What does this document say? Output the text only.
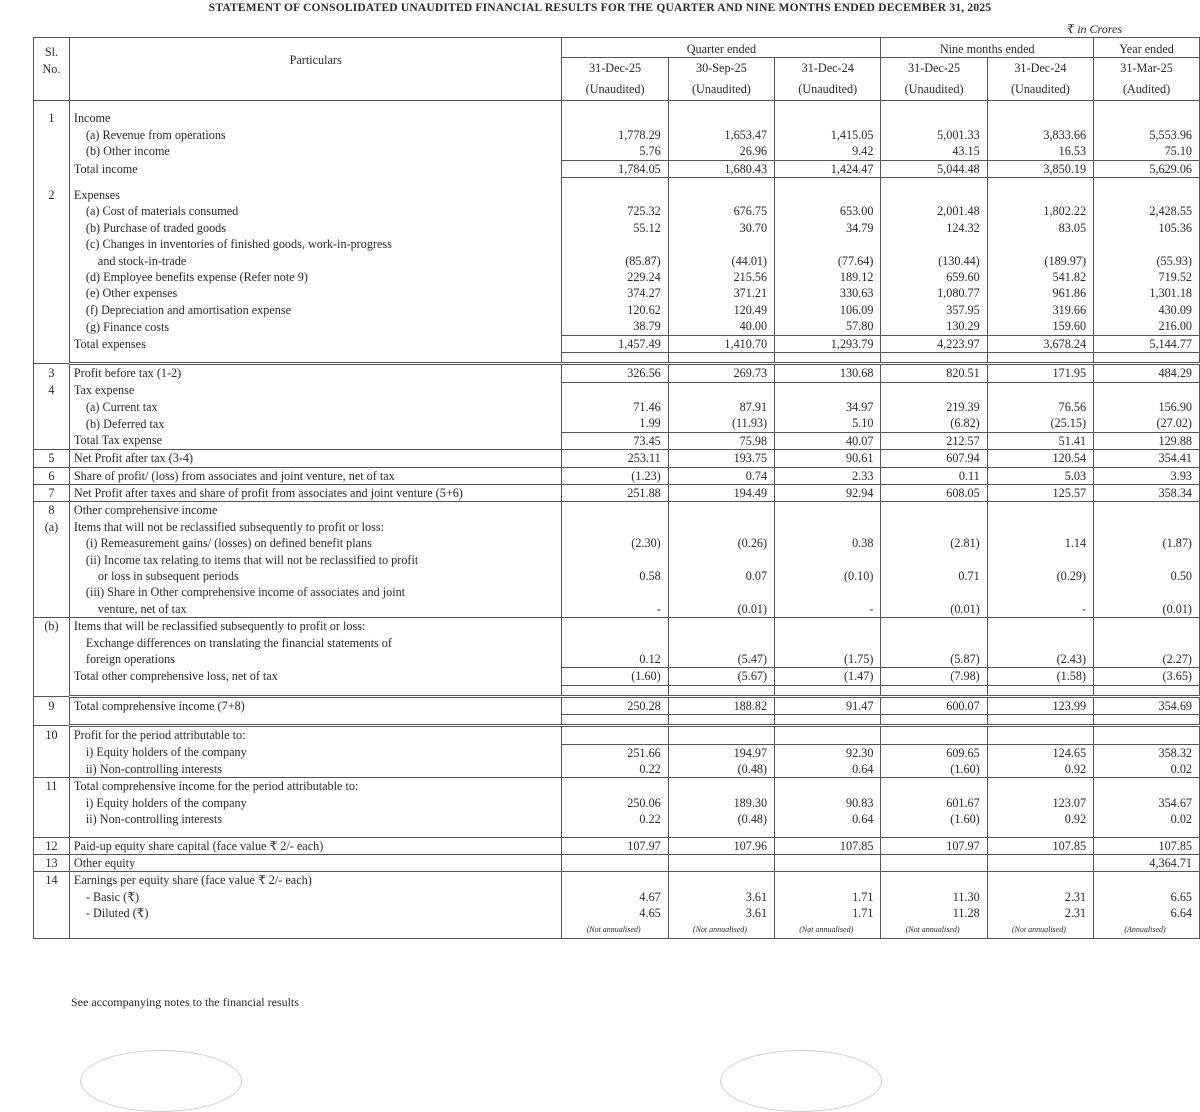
STATEMENT OF CONSOLIDATED UNAUDITED FINANCIAL RESULTS FOR THE QUARTER AND NINE MONTHS ENDED DECEMBER 31, 2025
₹ in Crores
Sl.
No.	Particulars	Quarter ended			Nine months ended		Year ended
		31-Dec-25	30-Sep-25	31-Dec-24	31-Dec-25	31-Dec-24	31-Mar-25
		(Unaudited)	(Unaudited)	(Unaudited)	(Unaudited)	(Unaudited)	(Audited)

1	Income						
	(a) Revenue from operations	1,778.29	1,653.47	1,415.05	5,001.33	3,833.66	5,553.96
	(b) Other income	5.76	26.96	9.42	43.15	16.53	75.10
	Total income	1,784.05	1,680.43	1,424.47	5,044.48	3,850.19	5,629.06

2	Expenses						
	(a) Cost of materials consumed	725.32	676.75	653.00	2,001.48	1,802.22	2,428.55
	(b) Purchase of traded goods	55.12	30.70	34.79	124.32	83.05	105.36
	(c) Changes in inventories of finished goods, work-in-progress						
	and stock-in-trade	(85.87)	(44.01)	(77.64)	(130.44)	(189.97)	(55.93)
	(d) Employee benefits expense (Refer note 9)	229.24	215.56	189.12	659.60	541.82	719.52
	(e) Other expenses	374.27	371.21	330.63	1,080.77	961.86	1,301.18
	(f) Depreciation and amortisation expense	120.62	120.49	106.09	357.95	319.66	430.09
	(g) Finance costs	38.79	40.00	57.80	130.29	159.60	216.00
	Total expenses	1,457.49	1,410.70	1,293.79	4,223.97	3,678.24	5,144.77

3	Profit before tax (1-2)	326.56	269.73	130.68	820.51	171.95	484.29
4	Tax expense						
	(a) Current tax	71.46	87.91	34.97	219.39	76.56	156.90
	(b) Deferred tax	1.99	(11.93)	5.10	(6.82)	(25.15)	(27.02)
	Total Tax expense	73.45	75.98	40.07	212.57	51.41	129.88
5	Net Profit after tax (3-4)	253.11	193.75	90.61	607.94	120.54	354.41
6	Share of profit/ (loss) from associates and joint venture, net of tax	(1.23)	0.74	2.33	0.11	5.03	3.93
7	Net Profit after taxes and share of profit from associates and joint venture (5+6)	251.88	194.49	92.94	608.05	125.57	358.34
8	Other comprehensive income						
(a)	Items that will not be reclassified subsequently to profit or loss:						
	(i) Remeasurement gains/ (losses) on defined benefit plans	(2.30)	(0.26)	0.38	(2.81)	1.14	(1.87)
	(ii) Income tax relating to items that will not be reclassified to profit						
	or loss in subsequent periods	0.58	0.07	(0.10)	0.71	(0.29)	0.50
	(iii) Share in Other comprehensive income of associates and joint						
	venture, net of tax	-	(0.01)	-	(0.01)	-	(0.01)
(b)	Items that will be reclassified subsequently to profit or loss:						
	Exchange differences on translating the financial statements of						
	foreign operations	0.12	(5.47)	(1.75)	(5.87)	(2.43)	(2.27)
	Total other comprehensive loss, net of tax	(1.60)	(5.67)	(1.47)	(7.98)	(1.58)	(3.65)

9	Total comprehensive income (7+8)	250.28	188.82	91.47	600.07	123.99	354.69

10	Profit for the period attributable to:						
	i) Equity holders of the company	251.66	194.97	92.30	609.65	124.65	358.32
	ii) Non-controlling interests	0.22	(0.48)	0.64	(1.60)	0.92	0.02
11	Total comprehensive income for the period attributable to:						
	i) Equity holders of the company	250.06	189.30	90.83	601.67	123.07	354.67
	ii) Non-controlling interests	0.22	(0.48)	0.64	(1.60)	0.92	0.02

12	Paid-up equity share capital (face value ₹ 2/- each)	107.97	107.96	107.85	107.97	107.85	107.85
13	Other equity						4,364.71
14	Earnings per equity share (face value ₹ 2/- each)						
	- Basic (₹)	4.67	3.61	1.71	11.30	2.31	6.65
	- Diluted (₹)	4.65	3.61	1.71	11.28	2.31	6.64
		(Not annualised)	(Not annualised)	(Not annualised)	(Not annualised)	(Not annualised)	(Annualised)
See accompanying notes to the financial results
